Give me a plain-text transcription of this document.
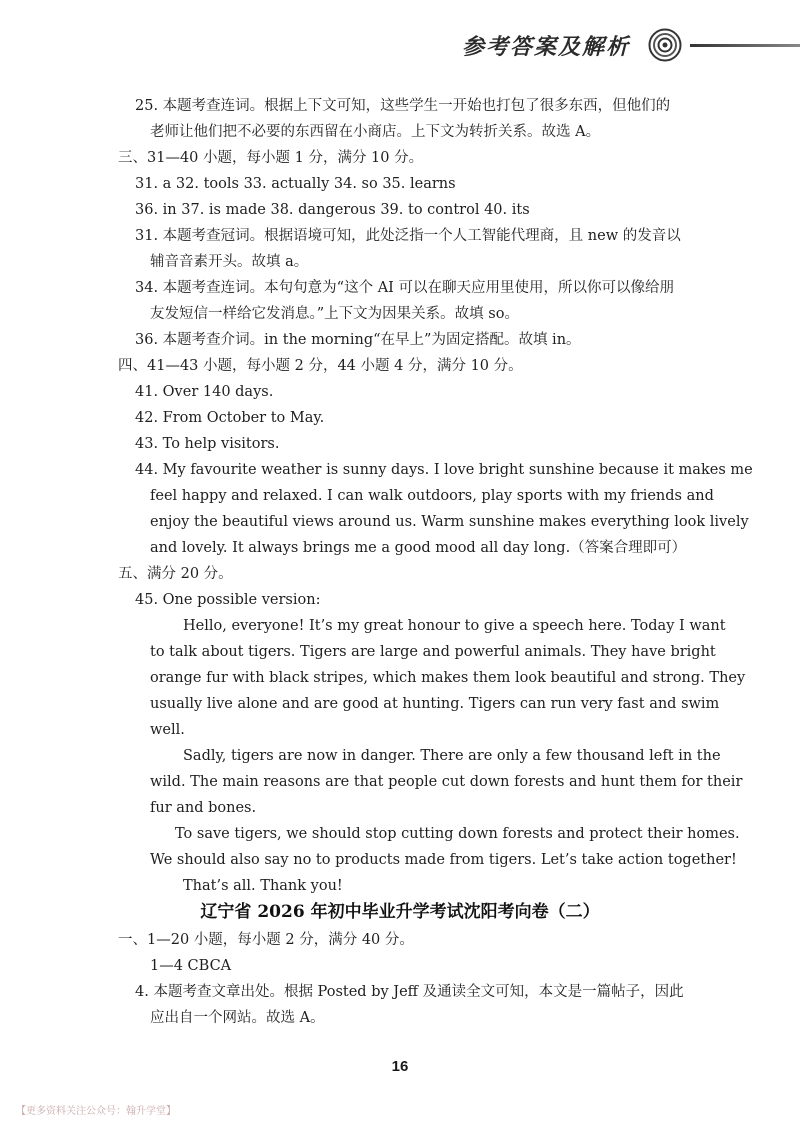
参考答案及解析
25. 本题考查连词。根据上下文可知，这些学生一开始也打包了很多东西，但他们的
老师让他们把不必要的东西留在小商店。上下文为转折关系。故选 A。
三、31—40 小题，每小题 1 分，满分 10 分。
31. a 32. tools 33. actually 34. so 35. learns
36. in 37. is made 38. dangerous 39. to control 40. its
31. 本题考查冠词。根据语境可知，此处泛指一个人工智能代理商，且 new 的发音以
辅音音素开头。故填 a。
34. 本题考查连词。本句句意为“这个 AI 可以在聊天应用里使用，所以你可以像给朋
友发短信一样给它发消息。”上下文为因果关系。故填 so。
36. 本题考查介词。in the morning“在早上”为固定搭配。故填 in。
四、41—43 小题，每小题 2 分，44 小题 4 分，满分 10 分。
41. Over 140 days.
42. From October to May.
43. To help visitors.
44. My favourite weather is sunny days. I love bright sunshine because it makes me
feel happy and relaxed. I can walk outdoors, play sports with my friends and
enjoy the beautiful views around us. Warm sunshine makes everything look lively
and lovely. It always brings me a good mood all day long.（答案合理即可）
五、满分 20 分。
45. One possible version:
Hello, everyone! It’s my great honour to give a speech here. Today I want
to talk about tigers. Tigers are large and powerful animals. They have bright
orange fur with black stripes, which makes them look beautiful and strong. They
usually live alone and are good at hunting. Tigers can run very fast and swim
well.
Sadly, tigers are now in danger. There are only a few thousand left in the
wild. The main reasons are that people cut down forests and hunt them for their
fur and bones.
To save tigers, we should stop cutting down forests and protect their homes.
We should also say no to products made from tigers. Let’s take action together!
That’s all. Thank you!
辽宁省 2026 年初中毕业升学考试沈阳考向卷（二）
一、1—20 小题，每小题 2 分，满分 40 分。
1—4 CBCA
4. 本题考查文章出处。根据 Posted by Jeff 及通读全文可知，本文是一篇帖子，因此
应出自一个网站。故选 A。
16
【更多资料关注公众号：翰升学堂】
